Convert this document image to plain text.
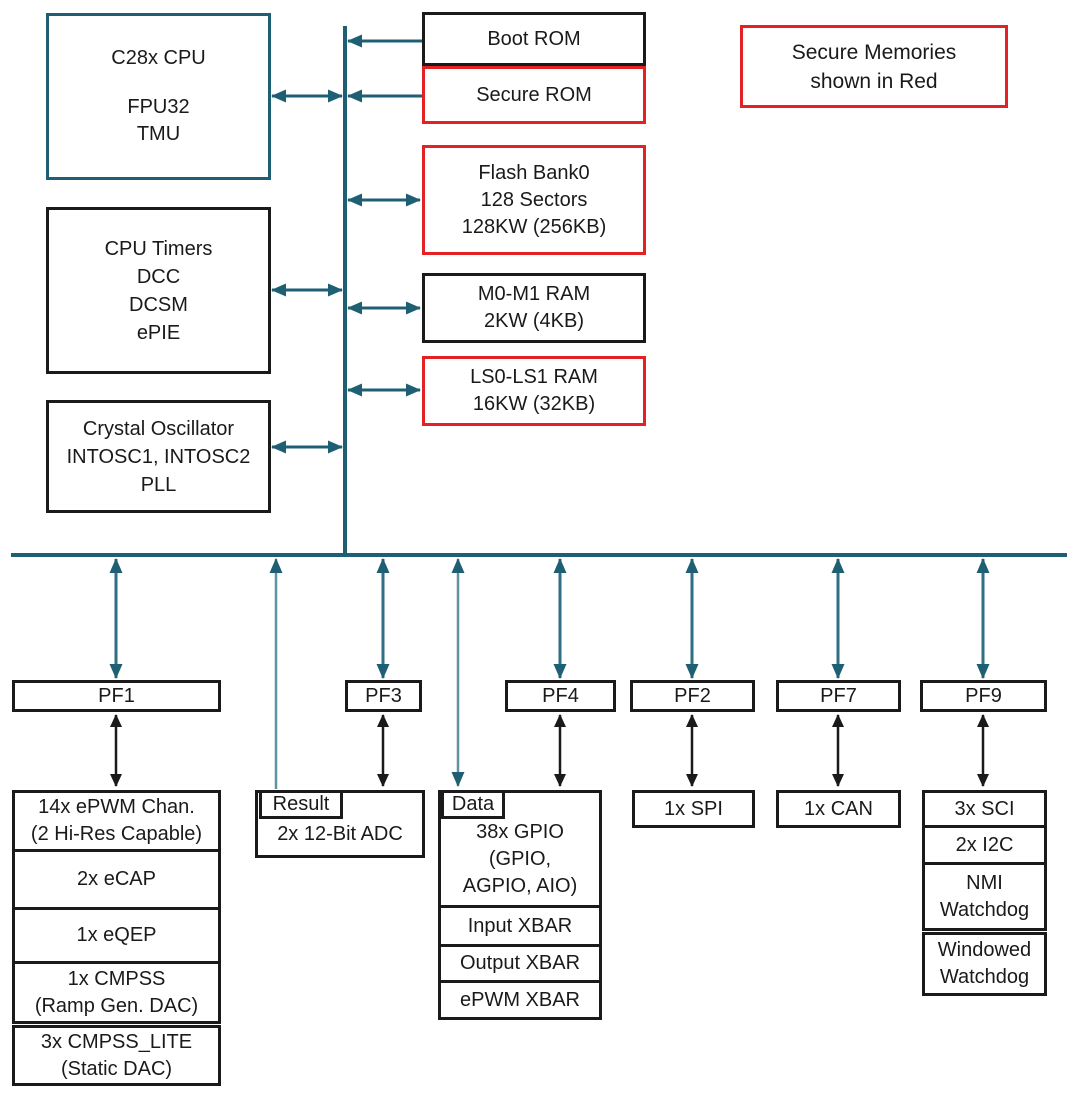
C28x CPU
FPU32
TMU
CPU Timers
DCC
DCSM
ePIE
Crystal Oscillator
INTOSC1, INTOSC2
PLL
Boot ROM
Secure ROM
Flash Bank0
128 Sectors
128KW (256KB)
M0-M1 RAM
2KW (4KB)
LS0-LS1 RAM
16KW (32KB)
Secure Memories
shown in Red
PF1	PF3	PF4	PF2	PF7	PF9
14x ePWM Chan.
(2 Hi-Res Capable)
2x eCAP
1x eQEP
1x CMPSS
(Ramp Gen. DAC)
3x CMPSS_LITE
(Static DAC)
2x 12-Bit ADC
Result
38x GPIO
(GPIO,
AGPIO, AIO)
Input XBAR
Output XBAR
ePWM XBAR
Data	1x SPI	1x CAN	3x SCI
2x I2C
NMI
Watchdog
Windowed
Watchdog
